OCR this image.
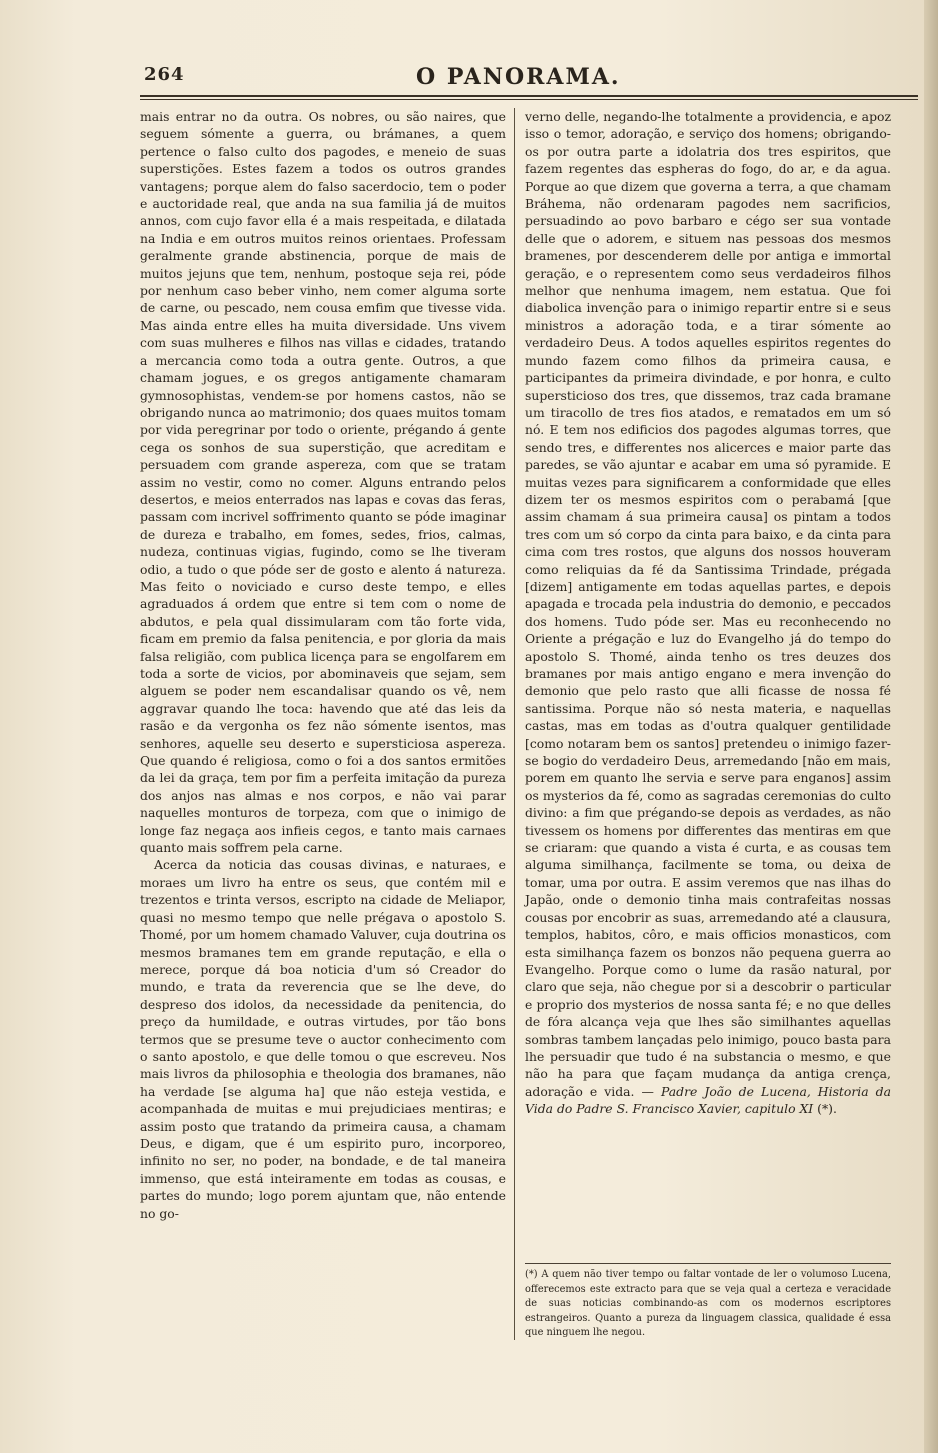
264	O PANORAMA.

mais entrar no da outra. Os nobres, ou são naires, que seguem sómente a guerra, ou brámanes, a quem pertence o falso culto dos pagodes, e meneio de suas superstições. Estes fazem a todos os outros grandes vantagens; porque alem do falso sacerdocio, tem o poder e auctoridade real, que anda na sua familia já de muitos annos, com cujo favor ella é a mais respeitada, e dilatada na India e em outros muitos reinos orientaes. Professam geralmente grande abstinencia, porque de mais de muitos jejuns que tem, nenhum, postoque seja rei, póde por nenhum caso beber vinho, nem comer alguma sorte de carne, ou pescado, nem cousa emfim que tivesse vida. Mas ainda entre elles ha muita diversidade. Uns vivem com suas mulheres e filhos nas villas e cidades, tratando a mercancia como toda a outra gente. Outros, a que chamam jogues, e os gregos antigamente chamaram gymnosophistas, vendem-se por homens castos, não se obrigando nunca ao matrimonio; dos quaes muitos tomam por vida peregrinar por todo o oriente, prégando á gente cega os sonhos de sua superstição, que acreditam e persuadem com grande aspereza, com que se tratam assim no vestir, como no comer. Alguns entrando pelos desertos, e meios enterrados nas lapas e covas das feras, passam com incrivel soffrimento quanto se póde imaginar de dureza e trabalho, em fomes, sedes, frios, calmas, nudeza, continuas vigias, fugindo, como se lhe tiveram odio, a tudo o que póde ser de gosto e alento á natureza. Mas feito o noviciado e curso deste tempo, e elles agraduados á ordem que entre si tem com o nome de abdutos, e pela qual dissimularam com tão forte vida, ficam em premio da falsa penitencia, e por gloria da mais falsa religião, com publica licença para se engolfarem em toda a sorte de vicios, por abominaveis que sejam, sem alguem se poder nem escandalisar quando os vê, nem aggravar quando lhe toca: havendo que até das leis da rasão e da vergonha os fez não sómente isentos, mas senhores, aquelle seu deserto e supersticiosa aspereza. Que quando é religiosa, como o foi a dos santos ermitões da lei da graça, tem por fim a perfeita imitação da pureza dos anjos nas almas e nos corpos, e não vai parar naquelles monturos de torpeza, com que o inimigo de longe faz negaça aos infieis cegos, e tanto mais carnaes quanto mais soffrem pela carne.

Acerca da noticia das cousas divinas, e naturaes, e moraes um livro ha entre os seus, que contém mil e trezentos e trinta versos, escripto na cidade de Meliapor, quasi no mesmo tempo que nelle prégava o apostolo S. Thomé, por um homem chamado Valuver, cuja doutrina os mesmos bramanes tem em grande reputação, e ella o merece, porque dá boa noticia d'um só Creador do mundo, e trata da reverencia que se lhe deve, do despreso dos idolos, da necessidade da penitencia, do preço da humildade, e outras virtudes, por tão bons termos que se presume teve o auctor conhecimento com o santo apostolo, e que delle tomou o que escreveu. Nos mais livros da philosophia e theologia dos bramanes, não ha verdade [se alguma ha] que não esteja vestida, e acompanhada de muitas e mui prejudiciaes mentiras; e assim posto que tratando da primeira causa, a chamam Deus, e digam, que é um espirito puro, incorporeo, infinito no ser, no poder, na bondade, e de tal maneira immenso, que está inteiramente em todas as cousas, e partes do mundo; logo porem ajuntam que, não entende no go-

verno delle, negando-lhe totalmente a providencia, e apoz isso o temor, adoração, e serviço dos homens; obrigando-os por outra parte a idolatria dos tres espiritos, que fazem regentes das espheras do fogo, do ar, e da agua. Porque ao que dizem que governa a terra, a que chamam Bráhema, não ordenaram pagodes nem sacrificios, persuadindo ao povo barbaro e cégo ser sua vontade delle que o adorem, e situem nas pessoas dos mesmos bramenes, por descenderem delle por antiga e immortal geração, e o representem como seus verdadeiros filhos melhor que nenhuma imagem, nem estatua. Que foi diabolica invenção para o inimigo repartir entre si e seus ministros a adoração toda, e a tirar sómente ao verdadeiro Deus. A todos aquelles espiritos regentes do mundo fazem como filhos da primeira causa, e participantes da primeira divindade, e por honra, e culto supersticioso dos tres, que dissemos, traz cada bramane um tiracollo de tres fios atados, e rematados em um só nó. E tem nos edificios dos pagodes algumas torres, que sendo tres, e differentes nos alicerces e maior parte das paredes, se vão ajuntar e acabar em uma só pyramide. E muitas vezes para significarem a conformidade que elles dizem ter os mesmos espiritos com o perabamá [que assim chamam á sua primeira causa] os pintam a todos tres com um só corpo da cinta para baixo, e da cinta para cima com tres rostos, que alguns dos nossos houveram como reliquias da fé da Santissima Trindade, prégada [dizem] antigamente em todas aquellas partes, e depois apagada e trocada pela industria do demonio, e peccados dos homens. Tudo póde ser. Mas eu reconhecendo no Oriente a prégação e luz do Evangelho já do tempo do apostolo S. Thomé, ainda tenho os tres deuzes dos bramanes por mais antigo engano e mera invenção do demonio que pelo rasto que alli ficasse de nossa fé santissima. Porque não só nesta materia, e naquellas castas, mas em todas as d'outra qualquer gentilidade [como notaram bem os santos] pretendeu o inimigo fazer-se bogio do verdadeiro Deus, arremedando [não em mais, porem em quanto lhe servia e serve para enganos] assim os mysterios da fé, como as sagradas ceremonias do culto divino: a fim que prégando-se depois as verdades, as não tivessem os homens por differentes das mentiras em que se criaram: que quando a vista é curta, e as cousas tem alguma similhança, facilmente se toma, ou deixa de tomar, uma por outra. E assim veremos que nas ilhas do Japão, onde o demonio tinha mais contrafeitas nossas cousas por encobrir as suas, arremedando até a clausura, templos, habitos, côro, e mais officios monasticos, com esta similhança fazem os bonzos não pequena guerra ao Evangelho. Porque como o lume da rasão natural, por claro que seja, não chegue por si a descobrir o particular e proprio dos mysterios de nossa santa fé; e no que delles de fóra alcança veja que lhes são similhantes aquellas sombras tambem lançadas pelo inimigo, pouco basta para lhe persuadir que tudo é na substancia o mesmo, e que não ha para que façam mudança da antiga crença, adoração e vida. — Padre João de Lucena, Historia da Vida do Padre S. Francisco Xavier, capitulo XI (*).

(*) A quem não tiver tempo ou faltar vontade de ler o volumoso Lucena, offerecemos este extracto para que se veja qual a certeza e veracidade de suas noticias combinando-as com os modernos escriptores estrangeiros. Quanto a pureza da linguagem classica, qualidade é essa que ninguem lhe negou.
